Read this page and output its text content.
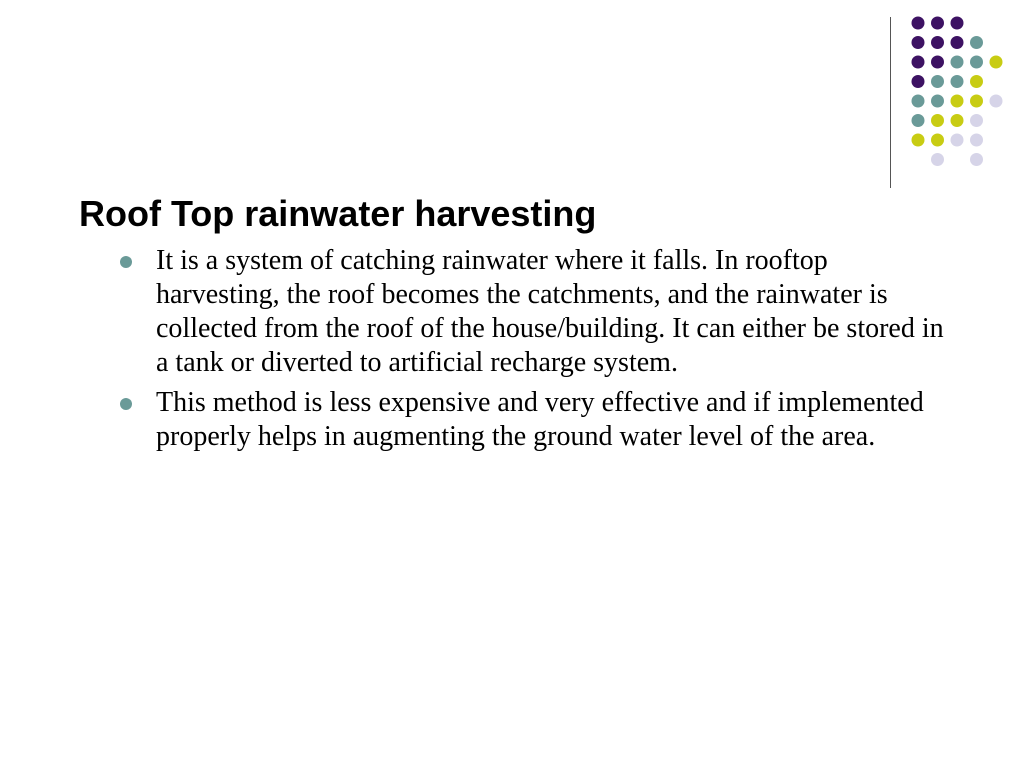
Roof Top rainwater harvesting
It is a system of catching rainwater where it falls. In rooftop harvesting, the roof becomes the catchments, and the rainwater is collected from the roof of the house/building. It can either be stored in a tank or diverted to artificial recharge system.
This method is less expensive and very effective and if implemented properly helps in augmenting the ground water level of the area.
